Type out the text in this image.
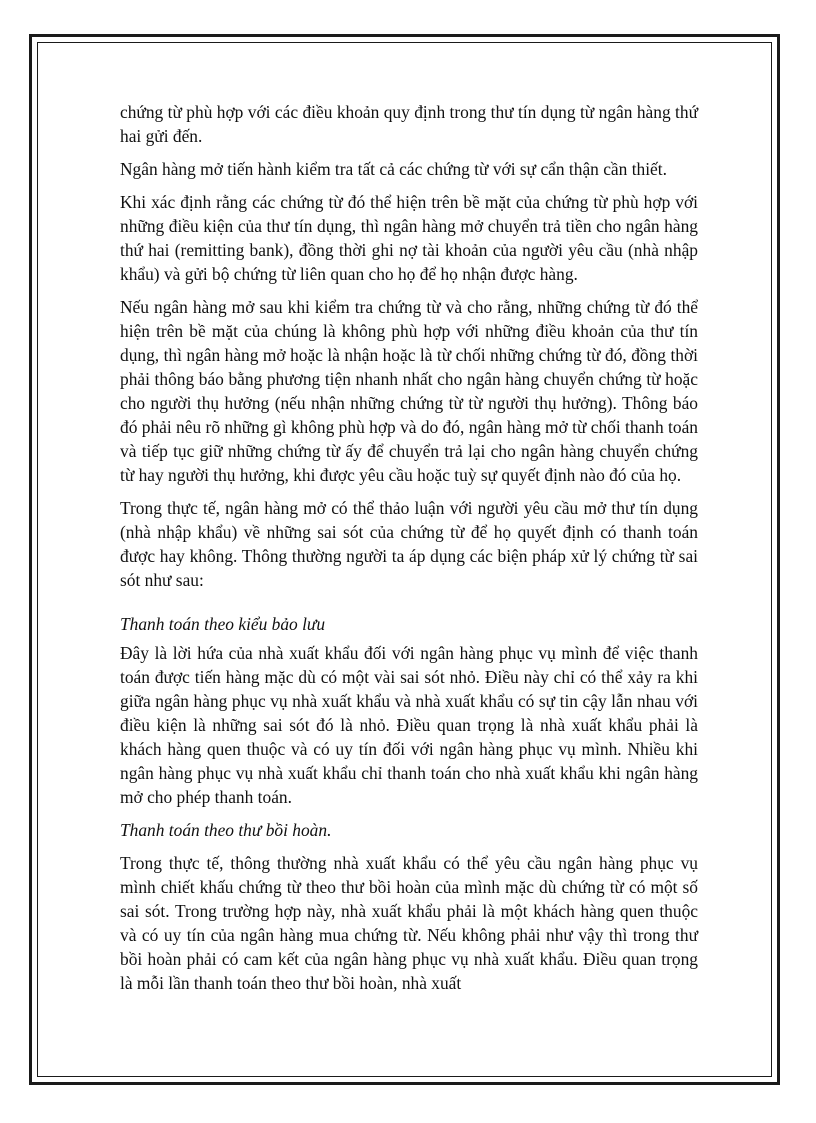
chứng từ phù hợp với các điều khoản quy định trong thư tín dụng từ ngân hàng thứ hai gửi đến.

Ngân hàng mở tiến hành kiểm tra tất cả các chứng từ với sự cẩn thận cần thiết.

Khi xác định rằng các chứng từ đó thể hiện trên bề mặt của chứng từ phù hợp với những điều kiện của thư tín dụng, thì ngân hàng mở chuyển trả tiền cho ngân hàng thứ hai (remitting bank), đồng thời ghi nợ tài khoản của người yêu cầu (nhà nhập khẩu) và gửi bộ chứng từ liên quan cho họ để họ nhận được hàng.

Nếu ngân hàng mở sau khi kiểm tra chứng từ và cho rằng, những chứng từ đó thể hiện trên bề mặt của chúng là không phù hợp với những điều khoản của thư tín dụng, thì ngân hàng mở hoặc là nhận hoặc là từ chối những chứng từ đó, đồng thời phải thông báo bằng phương tiện nhanh nhất cho ngân hàng chuyển chứng từ hoặc cho người thụ hưởng (nếu nhận những chứng từ từ người thụ hưởng). Thông báo đó phải nêu rõ những gì không phù hợp và do đó, ngân hàng mở từ chối thanh toán và tiếp tục giữ những chứng từ ấy để chuyển trả lại cho ngân hàng chuyển chứng từ hay người thụ hưởng, khi được yêu cầu hoặc tuỳ sự quyết định nào đó của họ.

Trong thực tế, ngân hàng mở có thể thảo luận với người yêu cầu mở thư tín dụng (nhà nhập khẩu) về những sai sót của chứng từ để họ quyết định có thanh toán được hay không. Thông thường người ta áp dụng các biện pháp xử lý chứng từ sai sót như sau:

Thanh toán theo kiểu bảo lưu

Đây là lời hứa của nhà xuất khẩu đối với ngân hàng phục vụ mình để việc thanh toán được tiến hàng mặc dù có một vài sai sót nhỏ. Điều này chỉ có thể xảy ra khi giữa ngân hàng phục vụ nhà xuất khẩu và nhà xuất khẩu có sự tin cậy lẫn nhau với điều kiện là những sai sót đó là nhỏ. Điều quan trọng là nhà xuất khẩu phải là khách hàng quen thuộc và có uy tín đối với ngân hàng phục vụ mình. Nhiều khi ngân hàng phục vụ nhà xuất khẩu chỉ thanh toán cho nhà xuất khẩu khi ngân hàng mở cho phép thanh toán.

Thanh toán theo thư bồi hoàn.

Trong thực tế, thông thường nhà xuất khẩu có thể yêu cầu ngân hàng phục vụ mình chiết khấu chứng từ theo thư bồi hoàn của mình mặc dù chứng từ có một số sai sót. Trong trường hợp này, nhà xuất khẩu phải là một khách hàng quen thuộc và có uy tín của ngân hàng mua chứng từ. Nếu không phải như vậy thì trong thư bồi hoàn phải có cam kết của ngân hàng phục vụ nhà xuất khẩu. Điều quan trọng là mỗi lần thanh toán theo thư bồi hoàn, nhà xuất
